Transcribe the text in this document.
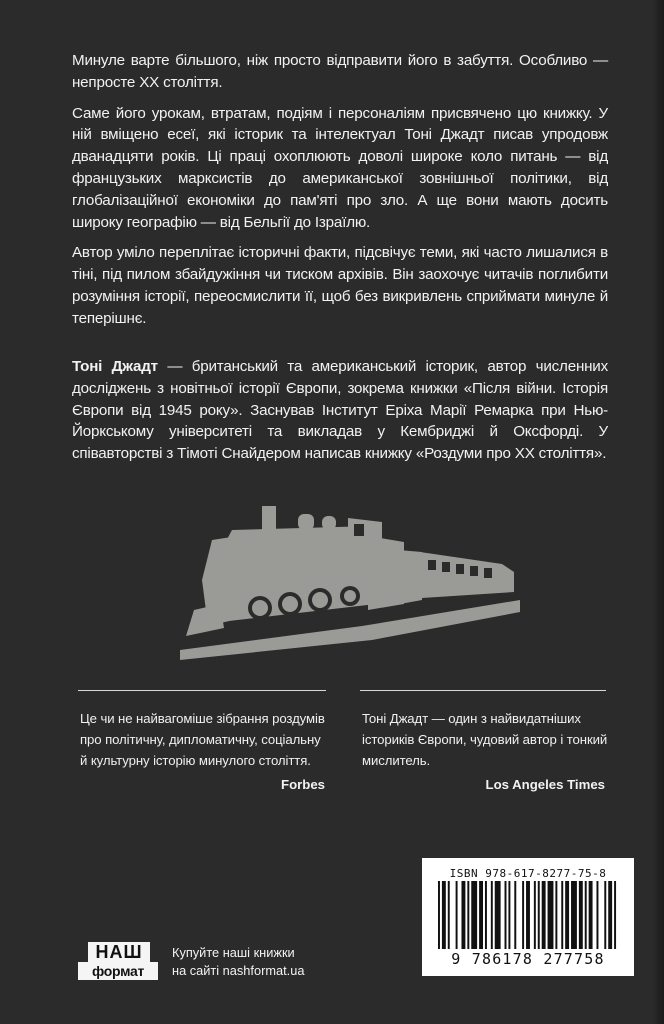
Минуле варте більшого, ніж просто відправити його в забуття. Особливо — непросте ХХ століття.

Саме його урокам, втратам, подіям і персоналіям присвячено цю книжку. У ній вміщено есеї, які історик та інтелектуал Тоні Джадт писав упродовж дванадцяти років. Ці праці охоплюють доволі широке коло питань — від французьких марксистів до американської зовнішньої політики, від глобалізаційної економіки до пам'яті про зло. А ще вони мають досить широку географію — від Бельгії до Ізраїлю.

Автор уміло переплітає історичні факти, підсвічує теми, які часто лишалися в тіні, під пилом збайдужіння чи тиском архівів. Він заохочує читачів поглибити розуміння історії, переосмислити її, щоб без викривлень сприймати минуле й теперішнє.

Тоні Джадт — британський та американський історик, автор численних досліджень з новітньої історії Європи, зокрема книжки «Після війни. Історія Європи від 1945 року». Заснував Інститут Еріха Марії Ремарка при Нью-Йоркському університеті та викладав у Кембриджі й Оксфорді. У співавторстві з Тімоті Снайдером написав книжку «Роздуми про ХХ століття».

Це чи не найвагоміше зібрання роздумів про політичну, дипломатичну, соціальну й культурну історію минулого століття.
Forbes
Тоні Джадт — один з найвидатніших істориків Європи, чудовий автор і тонкий мислитель.
Los Angeles Times
ISBN 978-617-8277-75-8
9 786178 277758
НАШ
формат
Купуйте наші книжки
на сайті nashformat.ua
